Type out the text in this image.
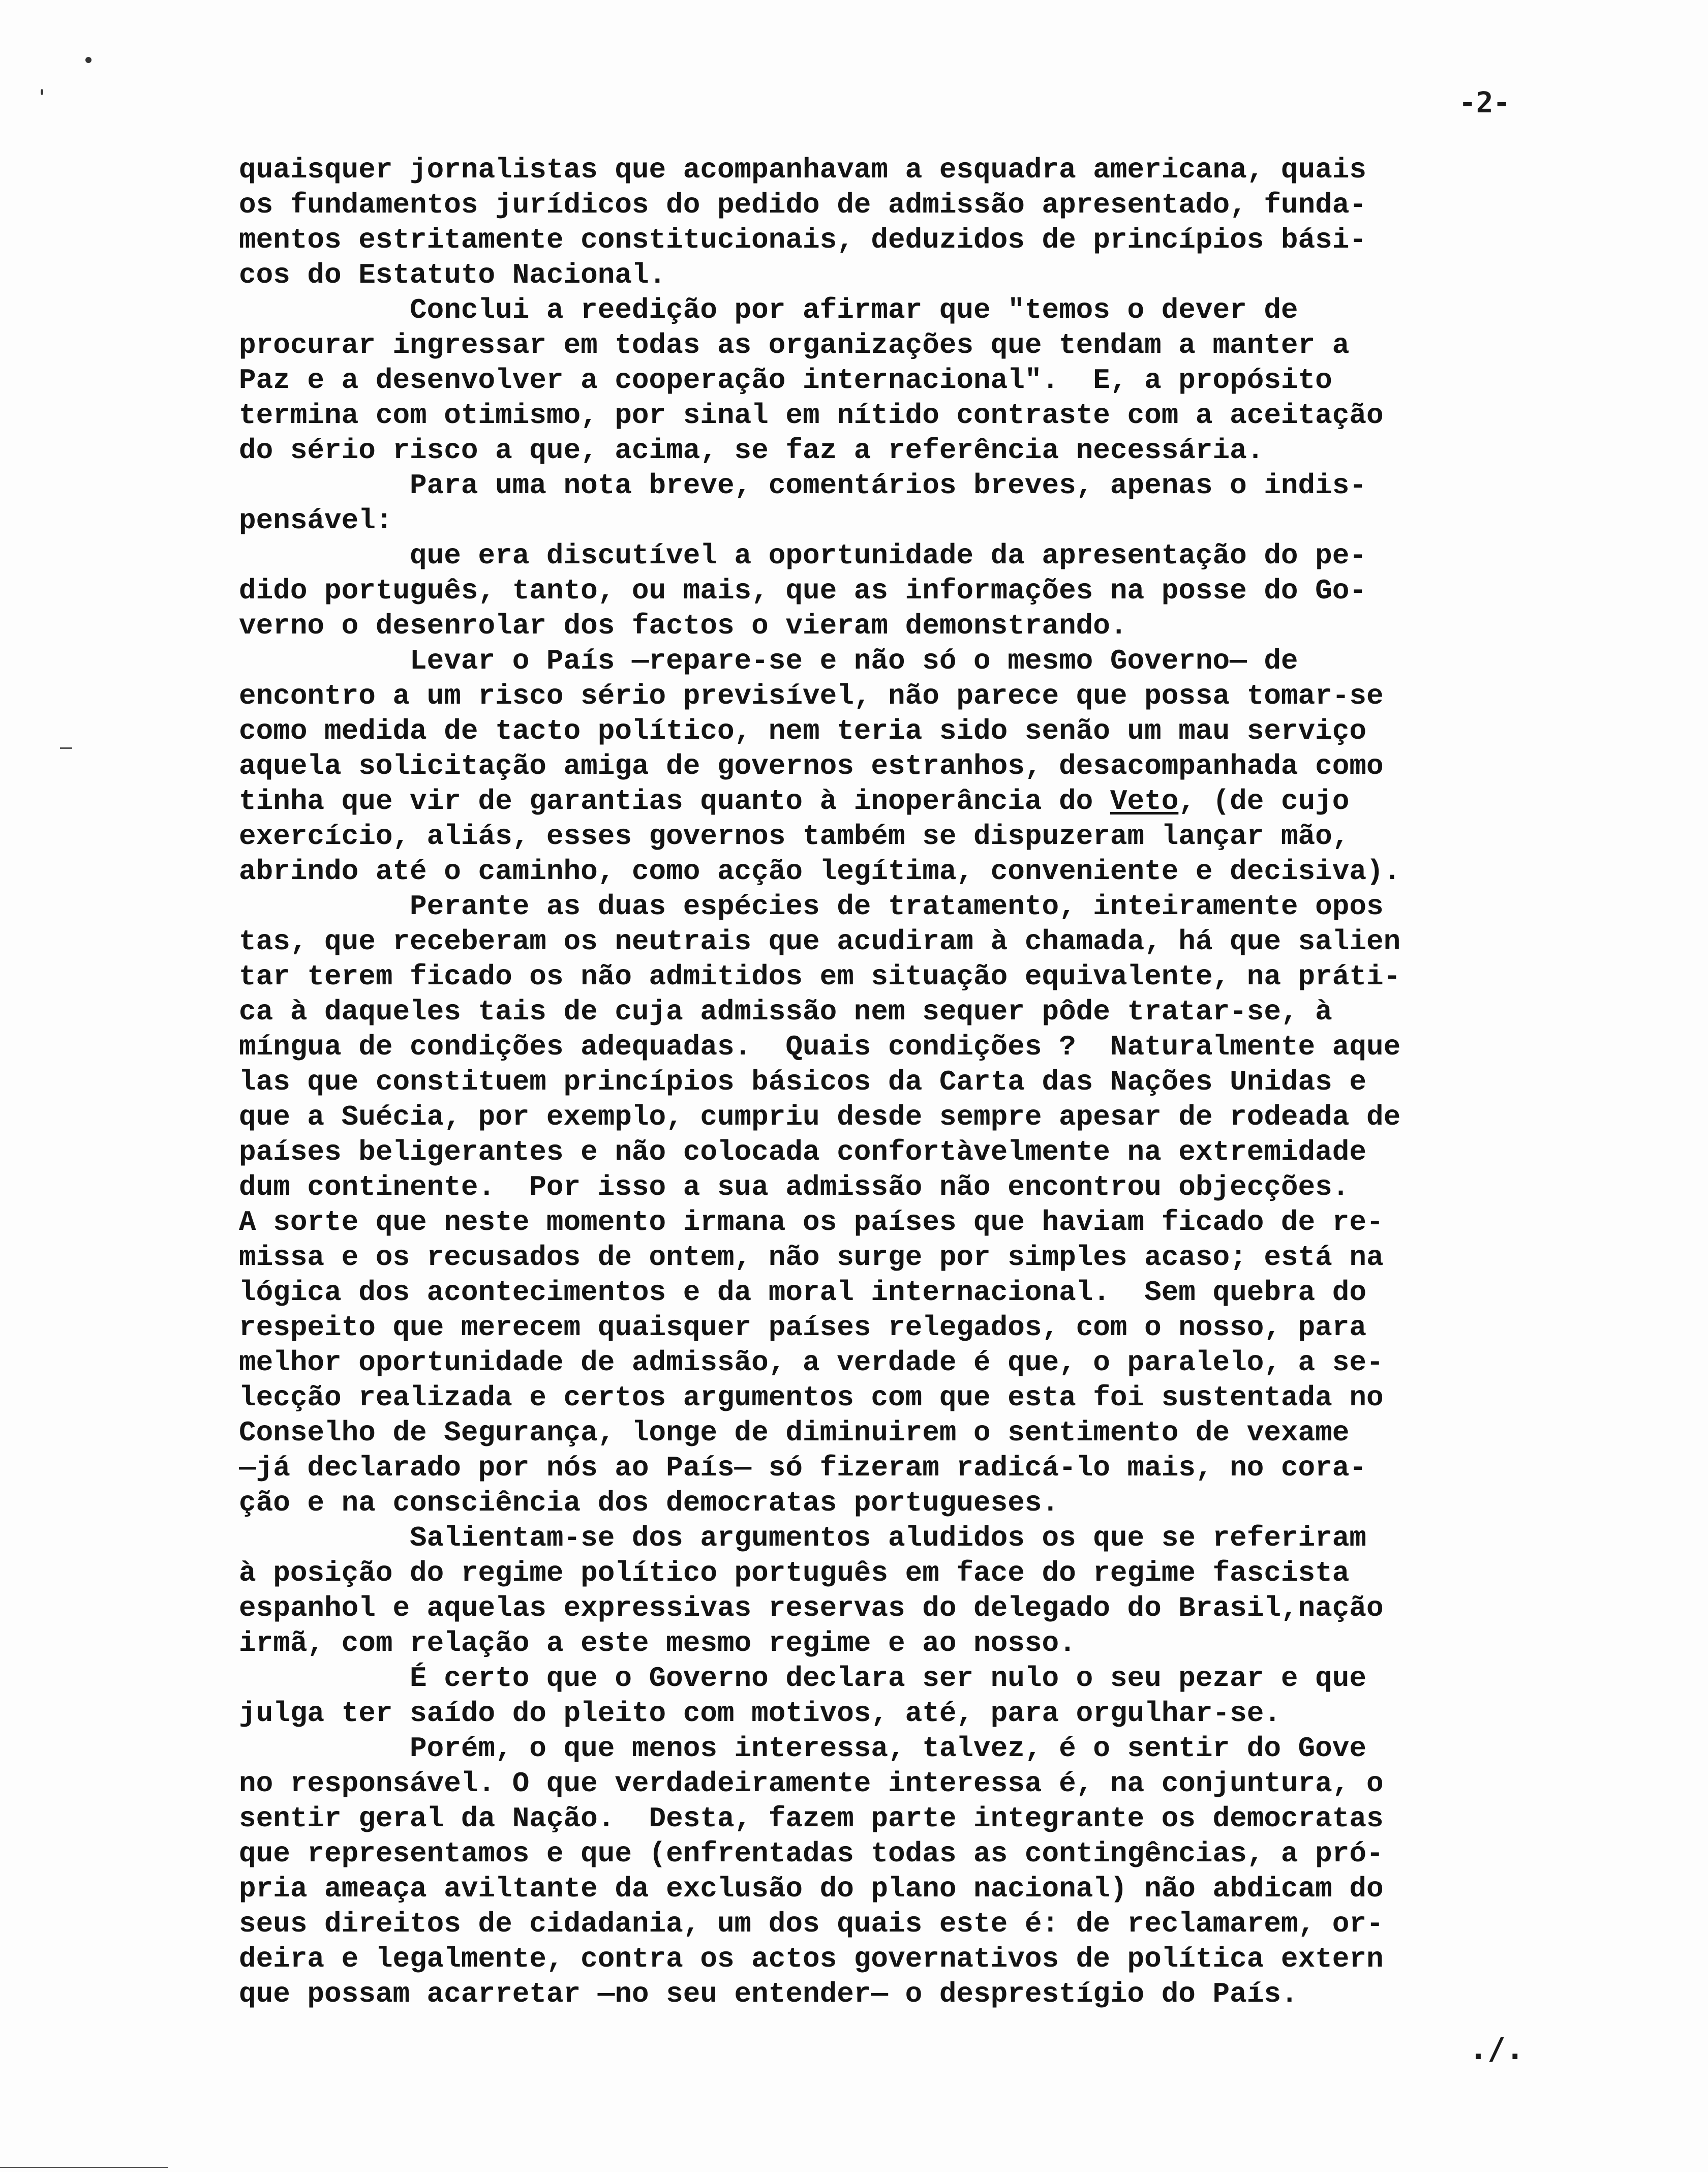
-2-
quaisquer jornalistas que acompanhavam a esquadra americana, quais
os fundamentos jurídicos do pedido de admissão apresentado, funda-
mentos estritamente constitucionais, deduzidos de princípios bási-
cos do Estatuto Nacional.
Conclui a reedição por afirmar que "temos o dever de
procurar ingressar em todas as organizações que tendam a manter a
Paz e a desenvolver a cooperação internacional".  E, a propósito
termina com otimismo, por sinal em nítido contraste com a aceitação
do sério risco a que, acima, se faz a referência necessária.
Para uma nota breve, comentários breves, apenas o indis-
pensável:
que era discutível a oportunidade da apresentação do pe-
dido português, tanto, ou mais, que as informações na posse do Go-
verno o desenrolar dos factos o vieram demonstrando.
Levar o País —repare-se e não só o mesmo Governo— de
encontro a um risco sério previsível, não parece que possa tomar-se
como medida de tacto político, nem teria sido senão um mau serviço
aquela solicitação amiga de governos estranhos, desacompanhada como
tinha que vir de garantias quanto à inoperância do Veto, (de cujo
exercício, aliás, esses governos também se dispuzeram lançar mão,
abrindo até o caminho, como acção legítima, conveniente e decisiva).
Perante as duas espécies de tratamento, inteiramente opos
tas, que receberam os neutrais que acudiram à chamada, há que salien
tar terem ficado os não admitidos em situação equivalente, na práti-
ca à daqueles tais de cuja admissão nem sequer pôde tratar-se, à
míngua de condições adequadas.  Quais condições ?  Naturalmente aque
las que constituem princípios básicos da Carta das Nações Unidas e
que a Suécia, por exemplo, cumpriu desde sempre apesar de rodeada de
países beligerantes e não colocada confortàvelmente na extremidade
dum continente.  Por isso a sua admissão não encontrou objecções.
A sorte que neste momento irmana os países que haviam ficado de re-
missa e os recusados de ontem, não surge por simples acaso; está na
lógica dos acontecimentos e da moral internacional.  Sem quebra do
respeito que merecem quaisquer países relegados, com o nosso, para
melhor oportunidade de admissão, a verdade é que, o paralelo, a se-
lecção realizada e certos argumentos com que esta foi sustentada no
Conselho de Segurança, longe de diminuirem o sentimento de vexame
—já declarado por nós ao País— só fizeram radicá-lo mais, no cora-
ção e na consciência dos democratas portugueses.
Salientam-se dos argumentos aludidos os que se referiram
à posição do regime político português em face do regime fascista
espanhol e aquelas expressivas reservas do delegado do Brasil,nação
irmã, com relação a este mesmo regime e ao nosso.
É certo que o Governo declara ser nulo o seu pezar e que
julga ter saído do pleito com motivos, até, para orgulhar-se.
Porém, o que menos interessa, talvez, é o sentir do Gove
no responsável. O que verdadeiramente interessa é, na conjuntura, o
sentir geral da Nação.  Desta, fazem parte integrante os democratas
que representamos e que (enfrentadas todas as contingências, a pró-
pria ameaça aviltante da exclusão do plano nacional) não abdicam do
seus direitos de cidadania, um dos quais este é: de reclamarem, or-
deira e legalmente, contra os actos governativos de política extern
que possam acarretar —no seu entender— o desprestígio do País.
./.
